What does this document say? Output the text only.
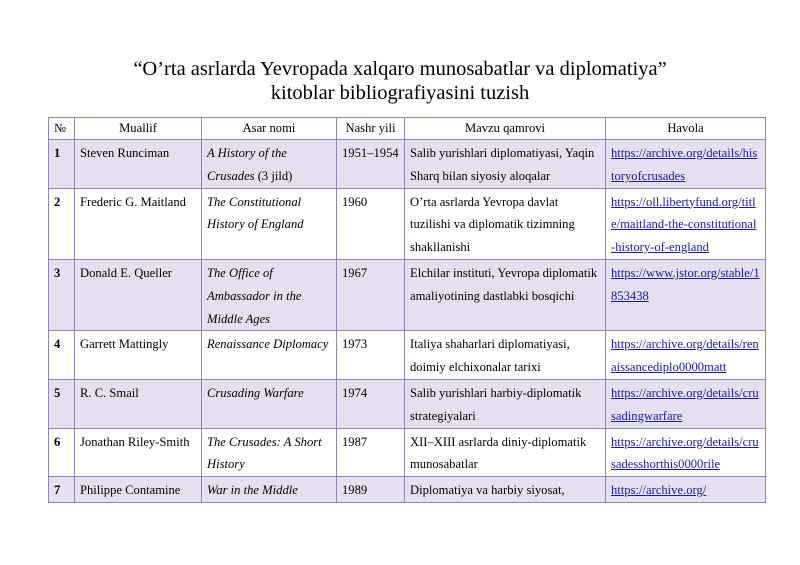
“O’rta asrlarda Yevropada xalqaro munosabatlar va diplomatiya”
kitoblar bibliografiyasini tuzish
№	Muallif	Asar nomi	Nashr yili	Mavzu qamrovi	Havola
1	Steven Runciman	A History of the Crusades (3 jild)	1951–1954	Salib yurishlari diplomatiyasi, Yaqin Sharq bilan siyosiy aloqalar	https://archive.org/details/historyofcrusades
2	Frederic G. Maitland	The Constitutional History of England	1960	O’rta asrlarda Yevropa davlat tuzilishi va diplomatik tizimning shakllanishi	https://oll.libertyfund.org/title/maitland-the-constitutional-history-of-england
3	Donald E. Queller	The Office of Ambassador in the Middle Ages	1967	Elchilar instituti, Yevropa diplomatik amaliyotining dastlabki bosqichi	https://www.jstor.org/stable/1853438
4	Garrett Mattingly	Renaissance Diplomacy	1973	Italiya shaharlari diplomatiyasi, doimiy elchixonalar tarixi	https://archive.org/details/renaissancediplo0000matt
5	R. C. Smail	Crusading Warfare	1974	Salib yurishlari harbiy-diplomatik strategiyalari	https://archive.org/details/crusadingwarfare
6	Jonathan Riley-Smith	The Crusades: A Short History	1987	XII–XIII asrlarda diniy-diplomatik munosabatlar	https://archive.org/details/crusadesshorthis0000rile
7	Philippe Contamine	War in the Middle	1989	Diplomatiya va harbiy siyosat,	https://archive.org/
